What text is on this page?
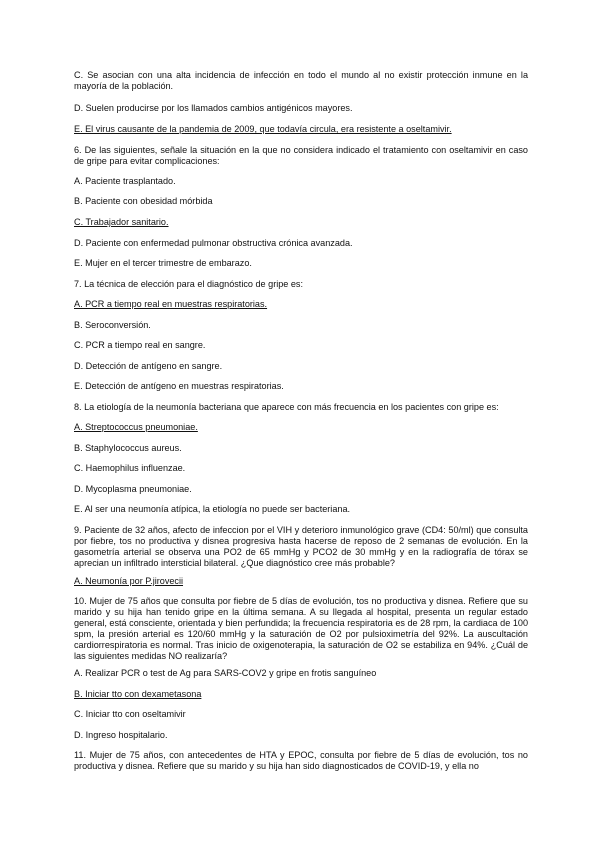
C. Se asocian con una alta incidencia de infección en todo el mundo al no existir protección inmune en la mayoría de la población.

D. Suelen producirse por los llamados cambios antigénicos mayores.

E. El virus causante de la pandemia de 2009, que todavía circula, era resistente a oseltamivir.

6. De las siguientes, señale la situación en la que no considera indicado el tratamiento con oseltamivir en caso de gripe para evitar complicaciones:

A. Paciente trasplantado.

B. Paciente con obesidad mórbida

C. Trabajador sanitario.

D. Paciente con enfermedad pulmonar obstructiva crónica avanzada.

E. Mujer en el tercer trimestre de embarazo.

7. La técnica de elección para el diagnóstico de gripe es:

A. PCR a tiempo real en muestras respiratorias.

B. Seroconversión.

C. PCR a tiempo real en sangre.

D. Detección de antígeno en sangre.

E. Detección de antígeno en muestras respiratorias.

8. La etiología de la neumonía bacteriana que aparece con más frecuencia en los pacientes con gripe es:

A. Streptococcus pneumoniae.

B. Staphylococcus aureus.

C. Haemophilus influenzae.

D. Mycoplasma pneumoniae.

E. Al ser una neumonía atípica, la etiología no puede ser bacteriana.

9. Paciente de 32 años, afecto de infeccion por el VIH y deterioro inmunológico grave (CD4: 50/ml) que consulta por fiebre, tos no productiva y disnea progresiva hasta hacerse de reposo de 2 semanas de evolución. En la gasometría arterial se observa una PO2 de 65 mmHg y PCO2 de 30 mmHg y en la radiografía de tórax se aprecian un infiltrado intersticial bilateral. ¿Que diagnóstico cree más probable?

A. Neumonía por P.jirovecii

10. Mujer de 75 años que consulta por fiebre de 5 días de evolución, tos no productiva y disnea. Refiere que su marido y su hija han tenido gripe en la última semana. A su llegada al hospital, presenta un regular estado general, está consciente, orientada y bien perfundida; la frecuencia respiratoria es de 28 rpm, la cardiaca de 100 spm, la presión arterial es 120/60 mmHg y la saturación de O2 por pulsioximetría del 92%. La auscultación cardiorrespiratoria es normal. Tras inicio de oxigenoterapia, la saturación de O2 se estabiliza en 94%. ¿Cuál de las siguientes medidas NO realizaría?

A. Realizar PCR o test de Ag para SARS-COV2 y gripe en frotis sanguíneo

B. Iniciar tto con dexametasona

C. Iniciar tto con oseltamivir

D. Ingreso hospitalario.

11. Mujer de 75 años, con antecedentes de HTA y EPOC, consulta por fiebre de 5 días de evolución, tos no productiva y disnea. Refiere que su marido y su hija han sido diagnosticados de COVID-19, y ella no
